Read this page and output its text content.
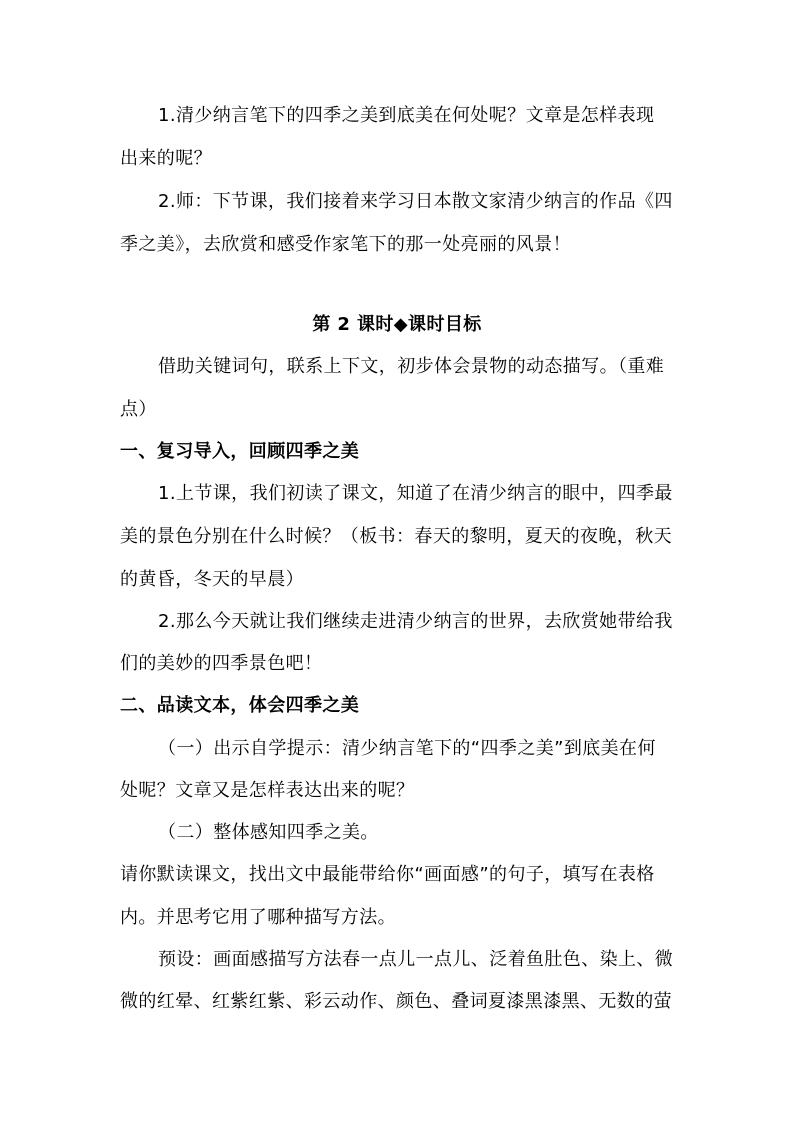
1.清少纳言笔下的四季之美到底美在何处呢？文章是怎样表现
出来的呢？
2.师：下节课，我们接着来学习日本散文家清少纳言的作品《四
季之美》，去欣赏和感受作家笔下的那一处亮丽的风景！
第 2 课时◆课时目标
借助关键词句，联系上下文，初步体会景物的动态描写。（重难
点）
一、复习导入，回顾四季之美
1.上节课，我们初读了课文，知道了在清少纳言的眼中，四季最
美的景色分别在什么时候？（板书：春天的黎明，夏天的夜晚，秋天
的黄昏，冬天的早晨）
2.那么今天就让我们继续走进清少纳言的世界，去欣赏她带给我
们的美妙的四季景色吧！
二、品读文本，体会四季之美
（一）出示自学提示：清少纳言笔下的“四季之美”到底美在何
处呢？文章又是怎样表达出来的呢？
（二）整体感知四季之美。
请你默读课文，找出文中最能带给你“画面感”的句子，填写在表格
内。并思考它用了哪种描写方法。
预设：画面感描写方法春一点儿一点儿、泛着鱼肚色、染上、微
微的红晕、红紫红紫、彩云动作、颜色、叠词夏漆黑漆黑、无数的萤
